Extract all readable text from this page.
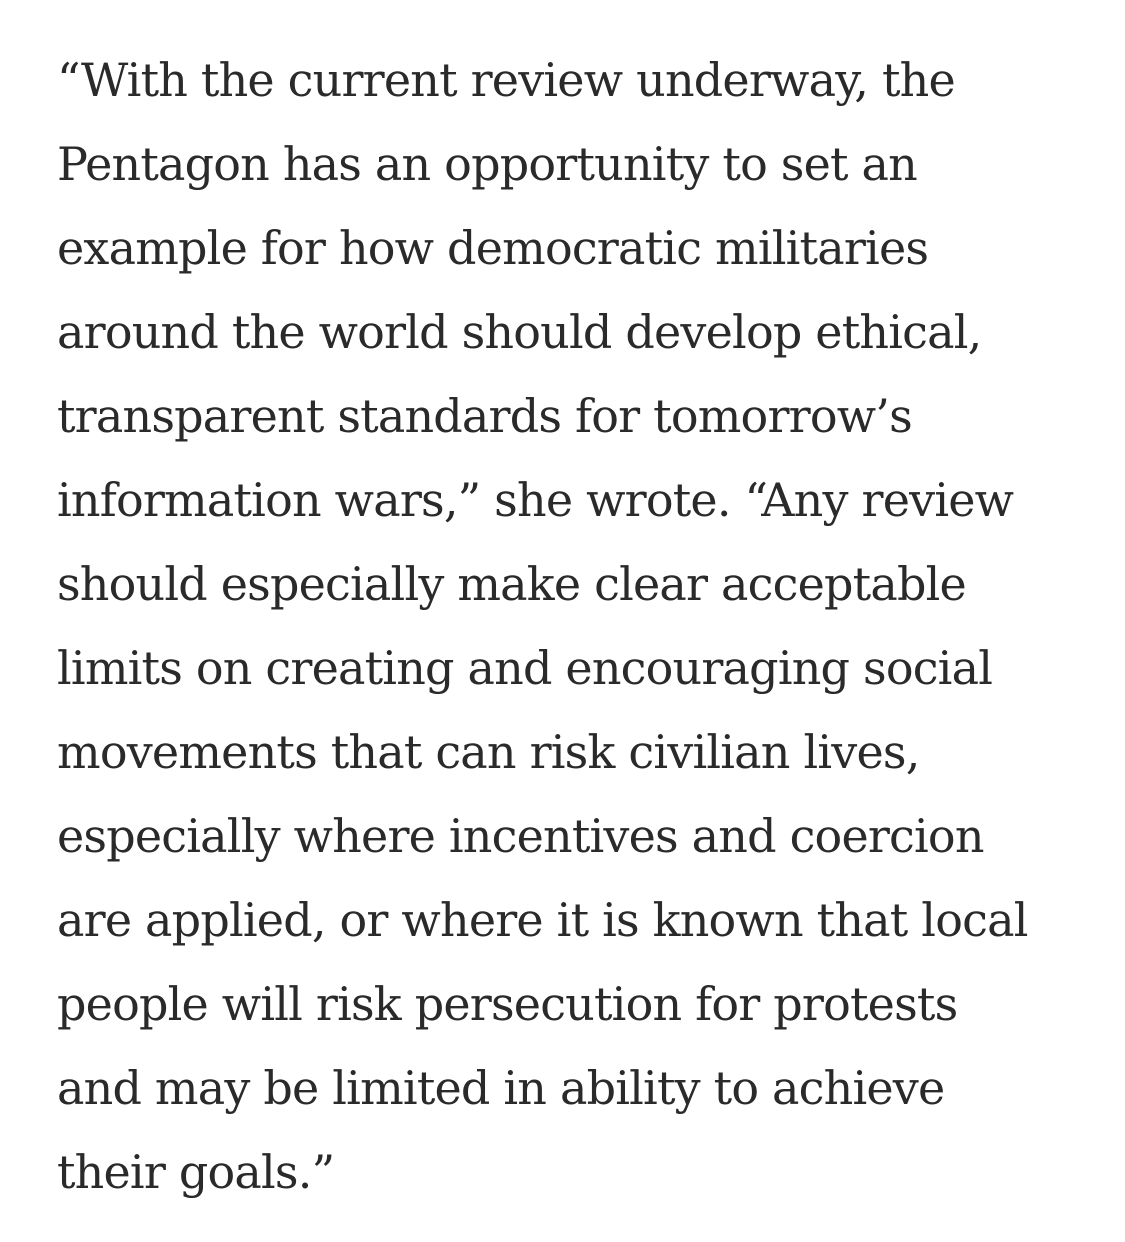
“With the current review underway, the
Pentagon has an opportunity to set an
example for how democratic militaries
around the world should develop ethical,
transparent standards for tomorrow’s
information wars,” she wrote. “Any review
should especially make clear acceptable
limits on creating and encouraging social
movements that can risk civilian lives,
especially where incentives and coercion
are applied, or where it is known that local
people will risk persecution for protests
and may be limited in ability to achieve
their goals.”
